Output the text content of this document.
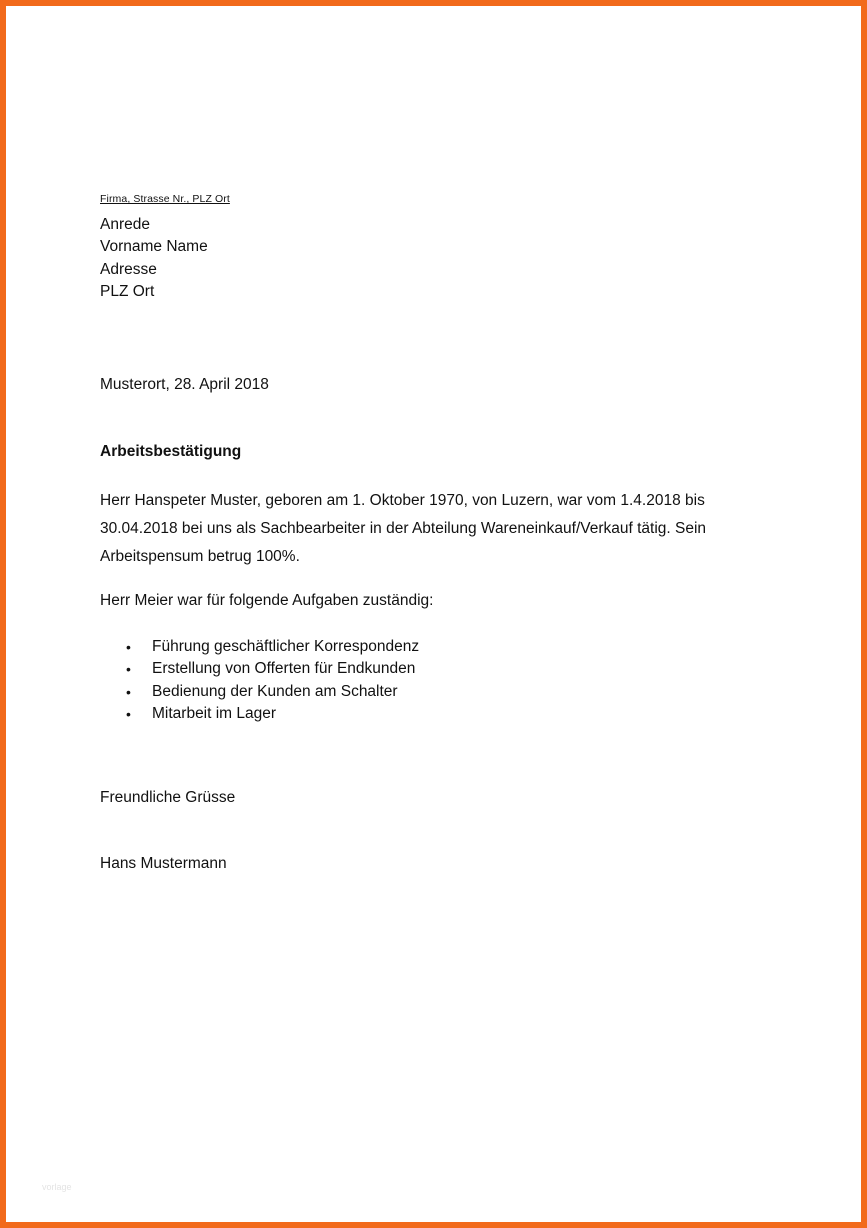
Firma, Strasse Nr., PLZ Ort
Anrede
Vorname Name
Adresse
PLZ Ort
Musterort, 28. April 2018
Arbeitsbestätigung
Herr Hanspeter Muster, geboren am 1. Oktober 1970, von Luzern, war vom 1.4.2018 bis 30.04.2018 bei uns als Sachbearbeiter in der Abteilung Wareneinkauf/Verkauf tätig. Sein Arbeitspensum betrug 100%.
Herr Meier war für folgende Aufgaben zuständig:
• Führung geschäftlicher Korrespondenz
• Erstellung von Offerten für Endkunden
• Bedienung der Kunden am Schalter
• Mitarbeit im Lager
Freundliche Grüsse
Hans Mustermann
vorlage
